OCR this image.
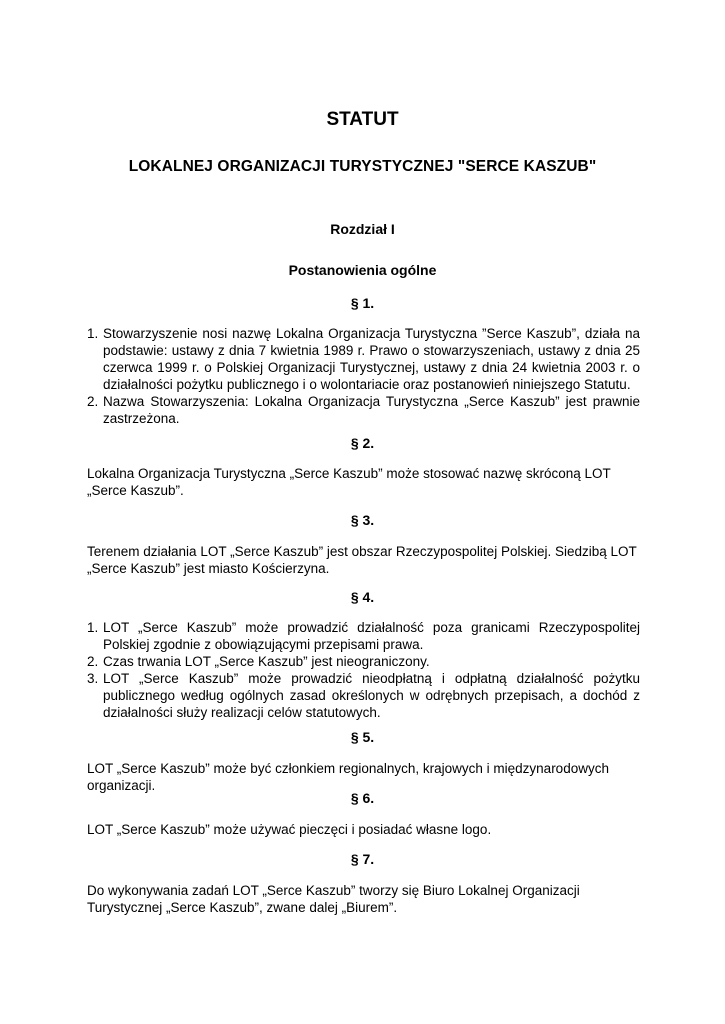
STATUT
LOKALNEJ ORGANIZACJI TURYSTYCZNEJ "SERCE KASZUB"
Rozdział I
Postanowienia ogólne
§ 1.
1. Stowarzyszenie nosi nazwę Lokalna Organizacja Turystyczna ”Serce Kaszub”, działa na podstawie: ustawy z dnia 7 kwietnia 1989 r. Prawo o stowarzyszeniach, ustawy z dnia 25 czerwca 1999 r. o Polskiej Organizacji Turystycznej, ustawy z dnia 24 kwietnia 2003 r. o działalności pożytku publicznego i o wolontariacie oraz postanowień niniejszego Statutu.
2. Nazwa Stowarzyszenia: Lokalna Organizacja Turystyczna „Serce Kaszub” jest prawnie zastrzeżona.
§ 2.

Lokalna Organizacja Turystyczna „Serce Kaszub” może stosować nazwę skróconą LOT „Serce Kaszub”.

§ 3.

Terenem działania LOT „Serce Kaszub” jest obszar Rzeczypospolitej Polskiej. Siedzibą LOT „Serce Kaszub” jest miasto Kościerzyna.

§ 4.
1. LOT „Serce Kaszub” może prowadzić działalność poza granicami Rzeczypospolitej Polskiej zgodnie z obowiązującymi przepisami prawa.
2. Czas trwania LOT „Serce Kaszub” jest nieograniczony.
3. LOT „Serce Kaszub” może prowadzić nieodpłatną i odpłatną działalność pożytku publicznego według ogólnych zasad określonych w odrębnych przepisach, a dochód z działalności służy realizacji celów statutowych.
§ 5.

LOT „Serce Kaszub” może być członkiem regionalnych, krajowych i międzynarodowych organizacji.

§ 6.

LOT „Serce Kaszub” może używać pieczęci i posiadać własne logo.

§ 7.

Do wykonywania zadań LOT „Serce Kaszub” tworzy się Biuro Lokalnej Organizacji Turystycznej „Serce Kaszub”, zwane dalej „Biurem”.
